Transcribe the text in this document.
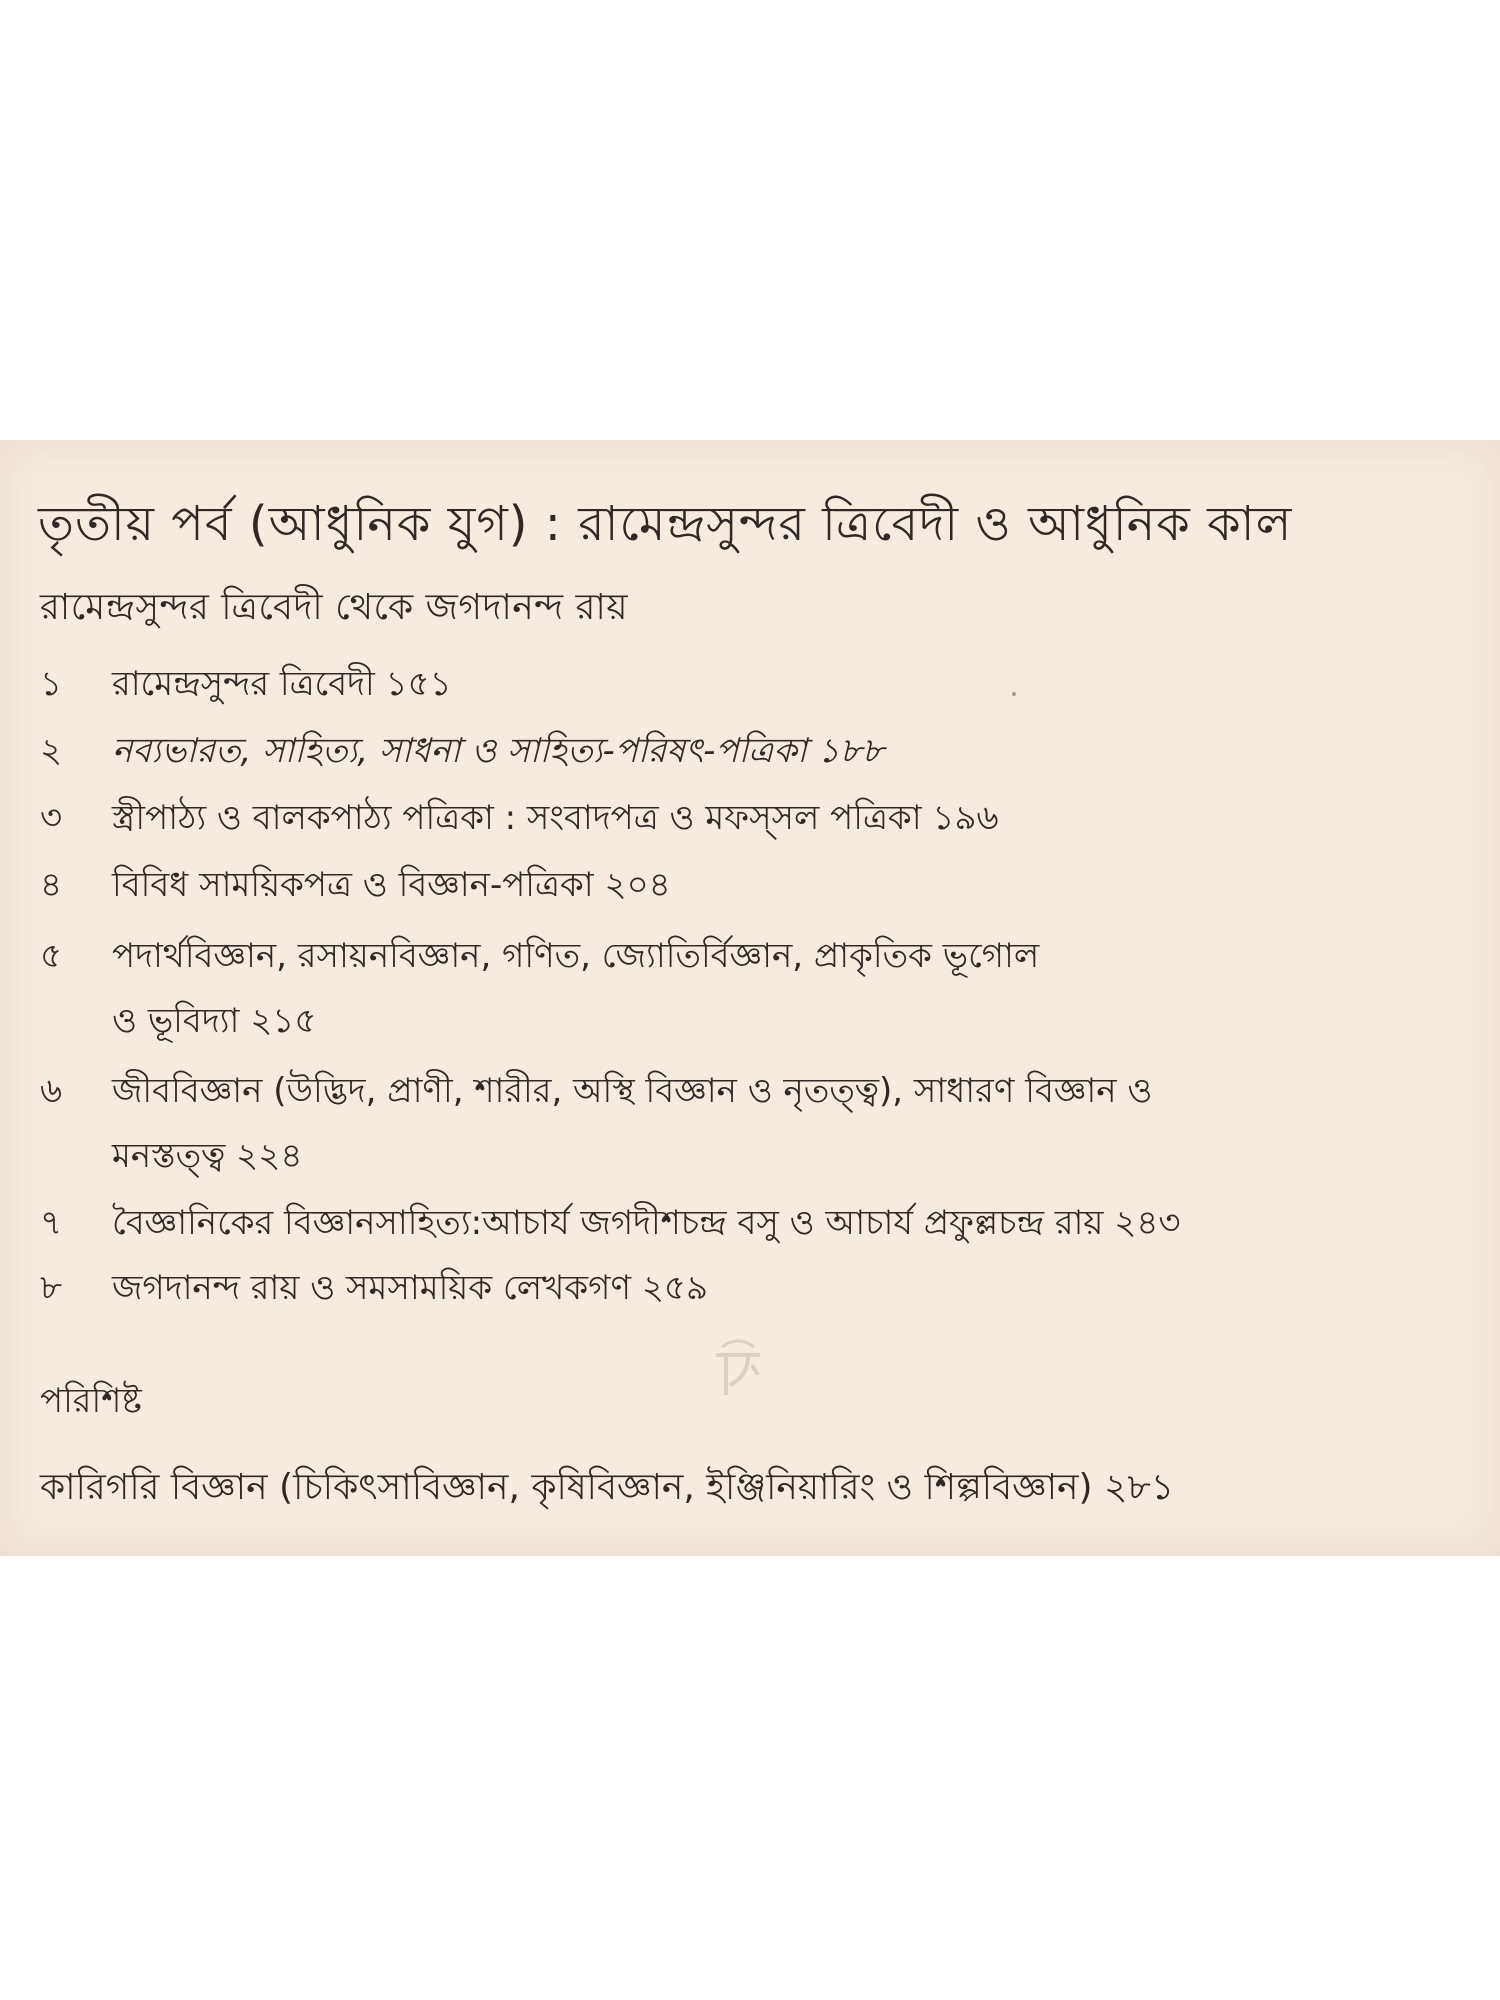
তৃতীয় পর্ব (আধুনিক যুগ) : রামেন্দ্রসুন্দর ত্রিবেদী ও আধুনিক কাল
রামেন্দ্রসুন্দর ত্রিবেদী থেকে জগদানন্দ রায়
১ রামেন্দ্রসুন্দর ত্রিবেদী ১৫১
২ নব্যভারত, সাহিত্য, সাধনা ও সাহিত্য-পরিষৎ-পত্রিকা ১৮৮
৩ স্ত্রীপাঠ্য ও বালকপাঠ্য পত্রিকা : সংবাদপত্র ও মফস্‌সল পত্রিকা ১৯৬
৪ বিবিধ সাময়িকপত্র ও বিজ্ঞান-পত্রিকা ২০৪
৫ পদার্থবিজ্ঞান, রসায়নবিজ্ঞান, গণিত, জ্যোতির্বিজ্ঞান, প্রাকৃতিক ভূগোল
ও ভূবিদ্যা ২১৫
৬ জীববিজ্ঞান (উদ্ভিদ, প্রাণী, শারীর, অস্থি বিজ্ঞান ও নৃতত্ত্ব), সাধারণ বিজ্ঞান ও
মনস্তত্ত্ব ২২৪
৭ বৈজ্ঞানিকের বিজ্ঞানসাহিত্য:আচার্য জগদীশচন্দ্র বসু ও আচার্য প্রফুল্লচন্দ্র রায় ২৪৩
৮ জগদানন্দ রায় ও সমসাময়িক লেখকগণ ২৫৯
পরিশিষ্ট
কারিগরি বিজ্ঞান (চিকিৎসাবিজ্ঞান, কৃষিবিজ্ঞান, ইঞ্জিনিয়ারিং ও শিল্পবিজ্ঞান) ২৮১
